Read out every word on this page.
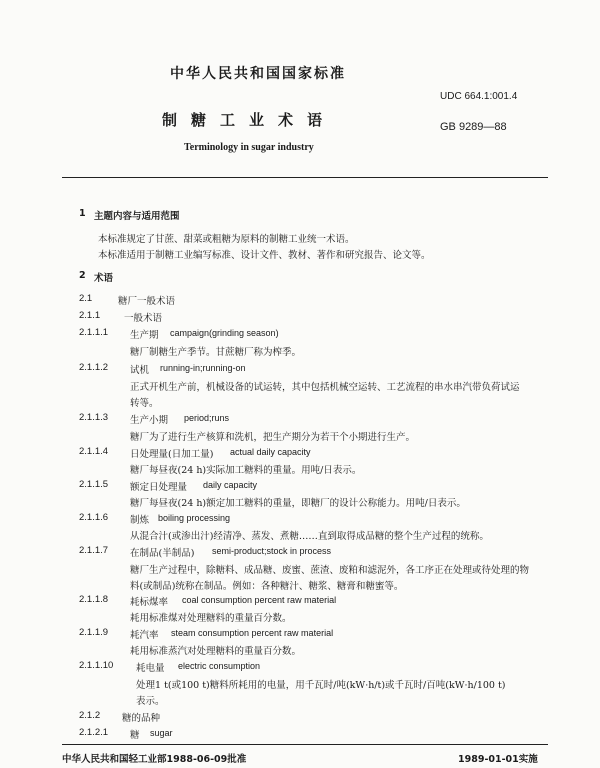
中华人民共和国国家标准
UDC 664.1:001.4
制糖工业术语	GB 9289—88
Terminology in sugar industry
1 主题内容与适用范围
本标准规定了甘蔗、甜菜或粗糖为原料的制糖工业统一术语。
本标准适用于制糖工业编写标准、设计文件、教材、著作和研究报告、论文等。
2 术语
2.1	糖厂一般术语
2.1.1	一般术语
2.1.1.1 生产期 campaign(grinding season)
糖厂制糖生产季节。甘蔗糖厂称为榨季。
2.1.1.2 试机 running-in;running-on
正式开机生产前，机械设备的试运转，其中包括机械空运转、工艺流程的串水串汽带负荷试运
转等。
2.1.1.3 生产小期 period;runs
糖厂为了进行生产核算和洗机，把生产期分为若干个小期进行生产。
2.1.1.4 日处理量(日加工量) actual daily capacity
糖厂每昼夜(24 h)实际加工糖料的重量。用吨/日表示。
2.1.1.5 额定日处理量 daily capacity
糖厂每昼夜(24 h)额定加工糖料的重量，即糖厂的设计公称能力。用吨/日表示。
2.1.1.6 制炼 boiling processing
从混合汁(或渗出汁)经清净、蒸发、煮糖……直到取得成品糖的整个生产过程的统称。
2.1.1.7 在制品(半制品) semi-product;stock in process
糖厂生产过程中，除糖料、成品糖、废蜜、蔗渣、废粕和滤泥外，各工序正在处理或待处理的物
料(或制品)统称在制品。例如：各种糖汁、糖浆、糖膏和糖蜜等。
2.1.1.8 耗标煤率 coal consumption percent raw material
耗用标准煤对处理糖料的重量百分数。
2.1.1.9 耗汽率 steam consumption percent raw material
耗用标准蒸汽对处理糖料的重量百分数。
2.1.1.10 耗电量 electric consumption
处理1 t(或100 t)糖料所耗用的电量，用千瓦时/吨(kW·h/t)或千瓦时/百吨(kW·h/100 t)
表示。
2.1.2 糖的品种
2.1.2.1 糖 sugar
中华人民共和国轻工业部1988-06-09批准	1989-01-01实施
